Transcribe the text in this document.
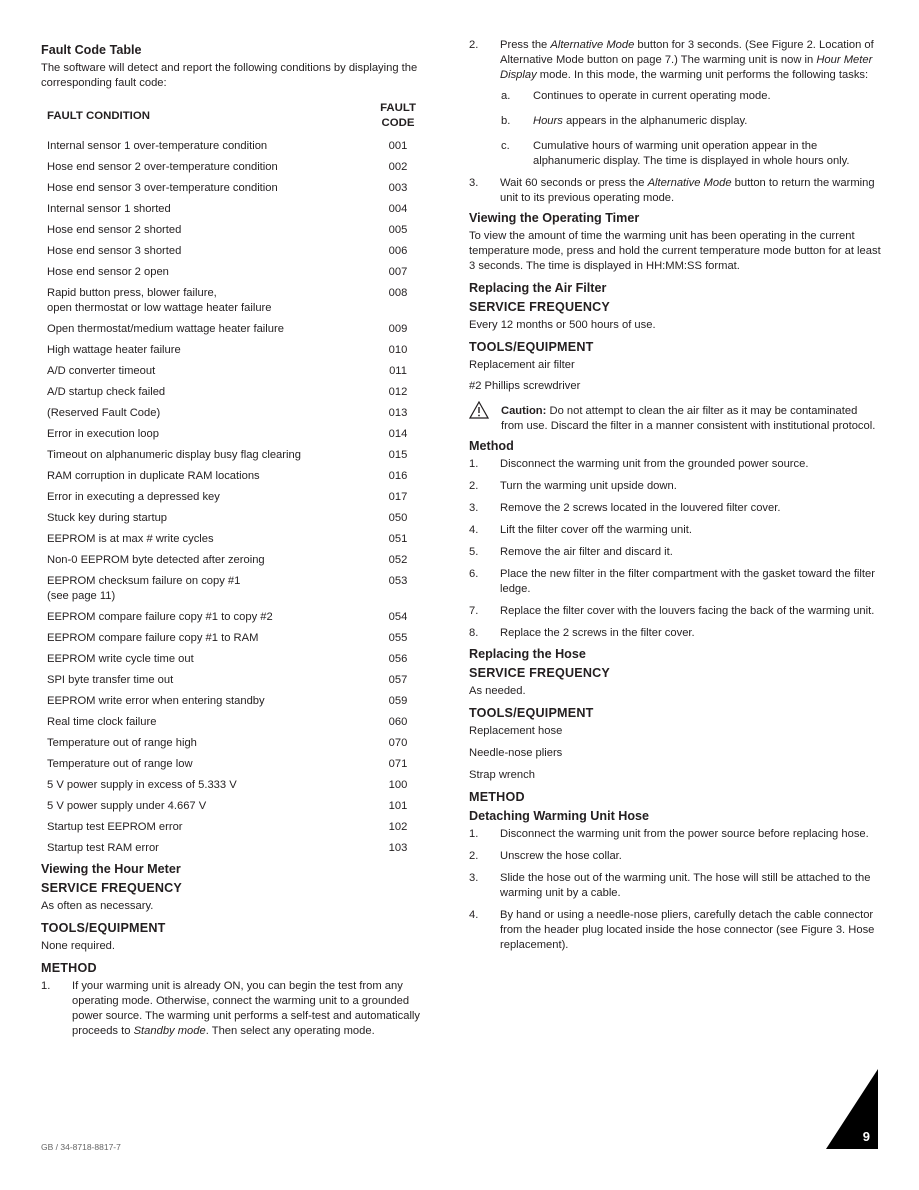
Fault Code Table

The software will detect and report the following conditions by displaying the corresponding fault code:

FAULT CONDITION	FAULT CODE
Internal sensor 1 over-temperature condition	001
Hose end sensor 2 over-temperature condition	002
Hose end sensor 3 over-temperature condition	003
Internal sensor 1 shorted	004
Hose end sensor 2 shorted	005
Hose end sensor 3 shorted	006
Hose end sensor 2 open	007
Rapid button press, blower failure,
open thermostat or low wattage heater failure	008
Open thermostat/medium wattage heater failure	009
High wattage heater failure	010
A/D converter timeout	011
A/D startup check failed	012
(Reserved Fault Code)	013
Error in execution loop	014
Timeout on alphanumeric display busy flag clearing	015
RAM corruption in duplicate RAM locations	016
Error in executing a depressed key	017
Stuck key during startup	050
EEPROM is at max # write cycles	051
Non-0 EEPROM byte detected after zeroing	052
EEPROM checksum failure on copy #1
(see page 11)	053
EEPROM compare failure copy #1 to copy #2	054
EEPROM compare failure copy #1 to RAM	055
EEPROM write cycle time out	056
SPI byte transfer time out	057
EEPROM write error when entering standby	059
Real time clock failure	060
Temperature out of range high	070
Temperature out of range low	071
5 V power supply in excess of 5.333 V	100
5 V power supply under 4.667 V	101
Startup test EEPROM error	102
Startup test RAM error	103
Viewing the Hour Meter
SERVICE FREQUENCY

As often as necessary.

TOOLS/EQUIPMENT

None required.

METHOD
1. If your warming unit is already ON, you can begin the test from any operating mode. Otherwise, connect the warming unit to a grounded power source. The warming unit performs a self-test and automatically proceeds to Standby mode. Then select any operating mode.
2. Press the Alternative Mode button for 3 seconds. (See Figure 2. Location of Alternative Mode button on page 7.) The warming unit is now in Hour Meter Display mode. In this mode, the warming unit performs the following tasks:
a. Continues to operate in current operating mode.
b. Hours appears in the alphanumeric display.
c. Cumulative hours of warming unit operation appear in the alphanumeric display. The time is displayed in whole hours only.
3. Wait 60 seconds or press the Alternative Mode button to return the warming unit to its previous operating mode.
Viewing the Operating Timer

To view the amount of time the warming unit has been operating in the current temperature mode, press and hold the current temperature mode button for at least 3 seconds. The time is displayed in HH:MM:SS format.

Replacing the Air Filter
SERVICE FREQUENCY

Every 12 months or 500 hours of use.

TOOLS/EQUIPMENT

Replacement air filter

#2 Phillips screwdriver

Caution: Do not attempt to clean the air filter as it may be contaminated from use. Discard the filter in a manner consistent with institutional protocol.
Method
1. Disconnect the warming unit from the grounded power source.
2. Turn the warming unit upside down.
3. Remove the 2 screws located in the louvered filter cover.
4. Lift the filter cover off the warming unit.
5. Remove the air filter and discard it.
6. Place the new filter in the filter compartment with the gasket toward the filter ledge.
7. Replace the filter cover with the louvers facing the back of the warming unit.
8. Replace the 2 screws in the filter cover.
Replacing the Hose
SERVICE FREQUENCY

As needed.

TOOLS/EQUIPMENT

Replacement hose

Needle-nose pliers

Strap wrench

METHOD
Detaching Warming Unit Hose
1. Disconnect the warming unit from the power source before replacing hose.
2. Unscrew the hose collar.
3. Slide the hose out of the warming unit. The hose will still be attached to the warming unit by a cable.
4. By hand or using a needle-nose pliers, carefully detach the cable connector from the header plug located inside the hose connector (see Figure 3. Hose replacement).
GB / 34-8718-8817-7
9
